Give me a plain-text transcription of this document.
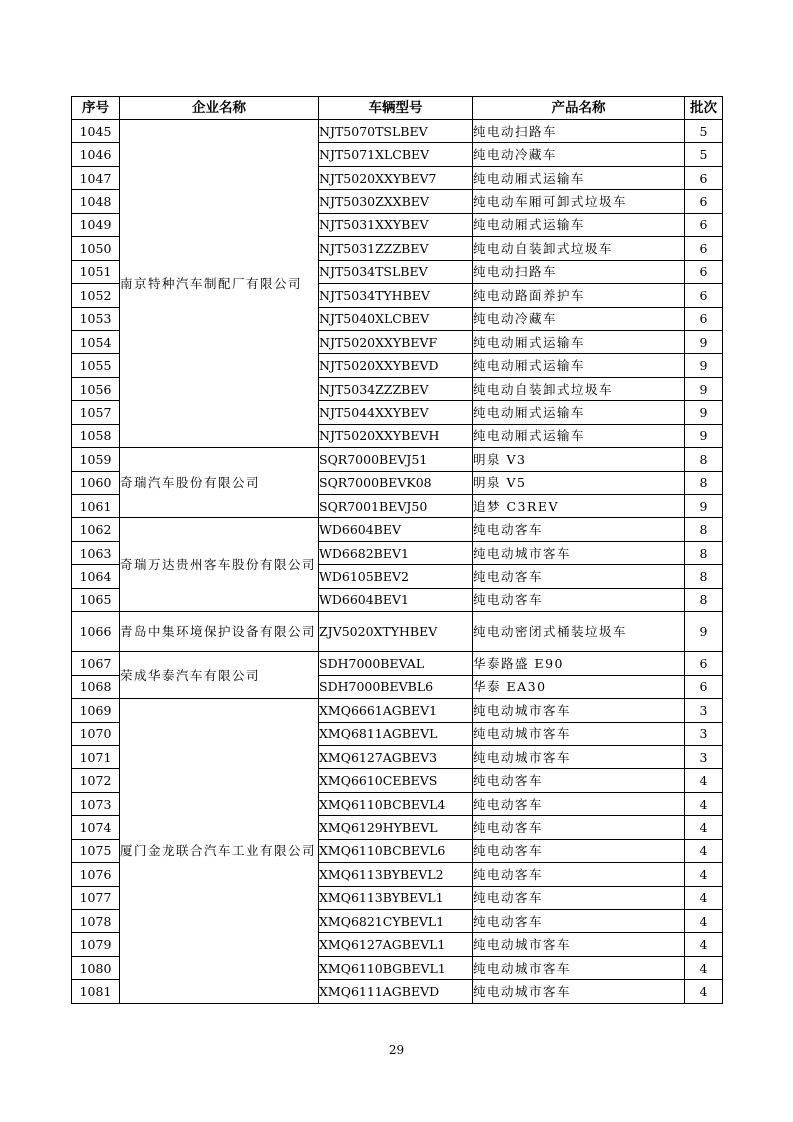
序号	企业名称	车辆型号	产品名称	批次
1045	南京特种汽车制配厂有限公司	NJT5070TSLBEV	纯电动扫路车	5
1046		NJT5071XLCBEV	纯电动冷藏车	5
1047		NJT5020XXYBEV7	纯电动厢式运输车	6
1048		NJT5030ZXXBEV	纯电动车厢可卸式垃圾车	6
1049		NJT5031XXYBEV	纯电动厢式运输车	6
1050		NJT5031ZZZBEV	纯电动自装卸式垃圾车	6
1051		NJT5034TSLBEV	纯电动扫路车	6
1052		NJT5034TYHBEV	纯电动路面养护车	6
1053		NJT5040XLCBEV	纯电动冷藏车	6
1054		NJT5020XXYBEVF	纯电动厢式运输车	9
1055		NJT5020XXYBEVD	纯电动厢式运输车	9
1056		NJT5034ZZZBEV	纯电动自装卸式垃圾车	9
1057		NJT5044XXYBEV	纯电动厢式运输车	9
1058		NJT5020XXYBEVH	纯电动厢式运输车	9
1059	奇瑞汽车股份有限公司	SQR7000BEVJ51	明泉 V3	8
1060		SQR7000BEVK08	明泉 V5	8
1061		SQR7001BEVJ50	追梦 C3REV	9
1062	奇瑞万达贵州客车股份有限公司	WD6604BEV	纯电动客车	8
1063		WD6682BEV1	纯电动城市客车	8
1064		WD6105BEV2	纯电动客车	8
1065		WD6604BEV1	纯电动客车	8
1066	青岛中集环境保护设备有限公司	ZJV5020XTYHBEV	纯电动密闭式桶装垃圾车	9
1067	荣成华泰汽车有限公司	SDH7000BEVAL	华泰路盛 E90	6
1068		SDH7000BEVBL6	华泰 EA30	6
1069	厦门金龙联合汽车工业有限公司	XMQ6661AGBEV1	纯电动城市客车	3
1070		XMQ6811AGBEVL	纯电动城市客车	3
1071		XMQ6127AGBEV3	纯电动城市客车	3
1072		XMQ6610CEBEVS	纯电动客车	4
1073		XMQ6110BCBEVL4	纯电动客车	4
1074		XMQ6129HYBEVL	纯电动客车	4
1075		XMQ6110BCBEVL6	纯电动客车	4
1076		XMQ6113BYBEVL2	纯电动客车	4
1077		XMQ6113BYBEVL1	纯电动客车	4
1078		XMQ6821CYBEVL1	纯电动客车	4
1079		XMQ6127AGBEVL1	纯电动城市客车	4
1080		XMQ6110BGBEVL1	纯电动城市客车	4
1081		XMQ6111AGBEVD	纯电动城市客车	4
29
